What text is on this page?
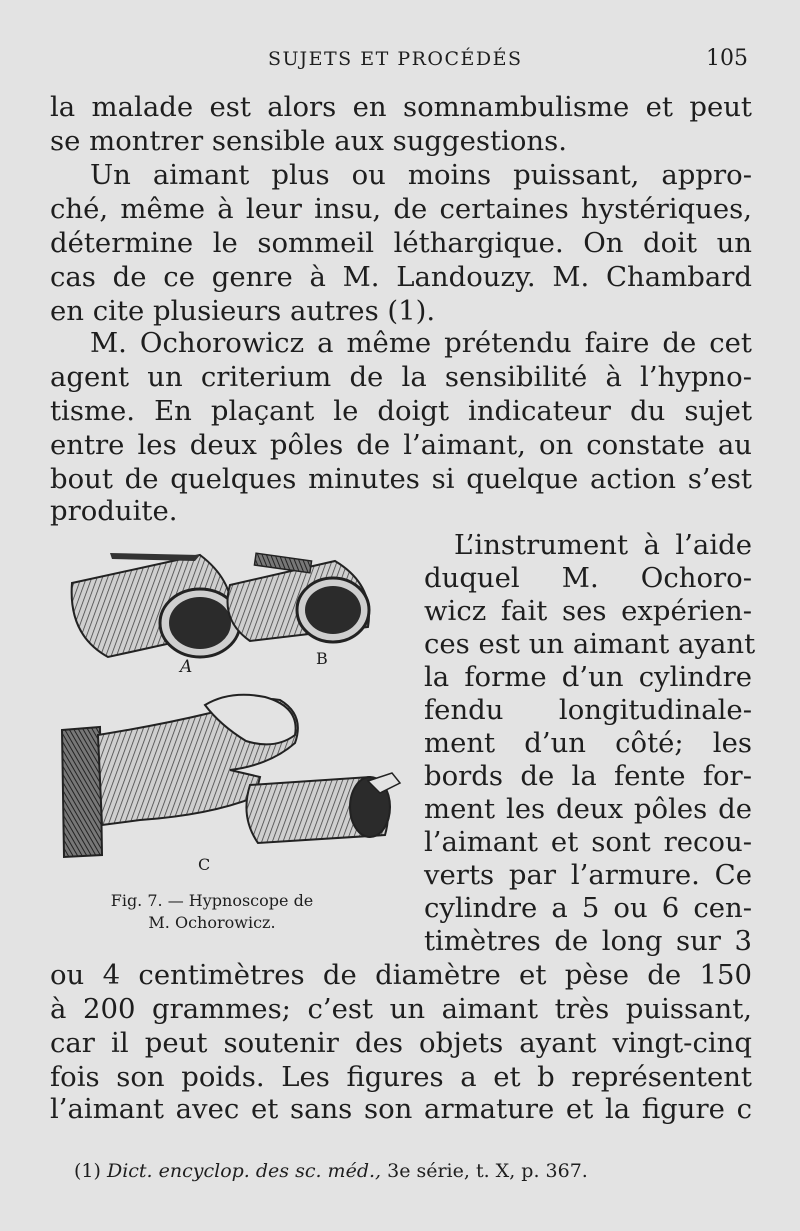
SUJETS ET PROCÉDÉS	105
la malade est alors en somnambulisme et peut
se montrer sensible aux suggestions.
Un aimant plus ou moins puissant, appro-
ché, même à leur insu, de certaines hystériques,
détermine le sommeil léthargique. On doit un
cas de ce genre à M. Landouzy. M. Chambard
en cite plusieurs autres (1).
M. Ochorowicz a même prétendu faire de cet
agent un criterium de la sensibilité à l’hypno-
tisme. En plaçant le doigt indicateur du sujet
entre les deux pôles de l’aimant, on constate au
bout de quelques minutes si quelque action s’est
produite.
L’instrument à l’aide
duquel M. Ochoro-
wicz fait ses expérien-
ces est un aimant ayant
la forme d’un cylindre
fendu longitudinale-
ment d’un côté; les
bords de la fente for-
ment les deux pôles de
l’aimant et sont recou-
verts par l’armure. Ce
cylindre a 5 ou 6 cen-
timètres de long sur 3
A	B
C
Fig. 7. — Hypnoscope de
M. Ochorowicz.
ou 4 centimètres de diamètre et pèse de 150
à 200 grammes; c’est un aimant très puissant,
car il peut soutenir des objets ayant vingt-cinq
fois son poids. Les figures a et b représentent
l’aimant avec et sans son armature et la figure c
(1) Dict. encyclop. des sc. méd., 3e série, t. X, p. 367.
